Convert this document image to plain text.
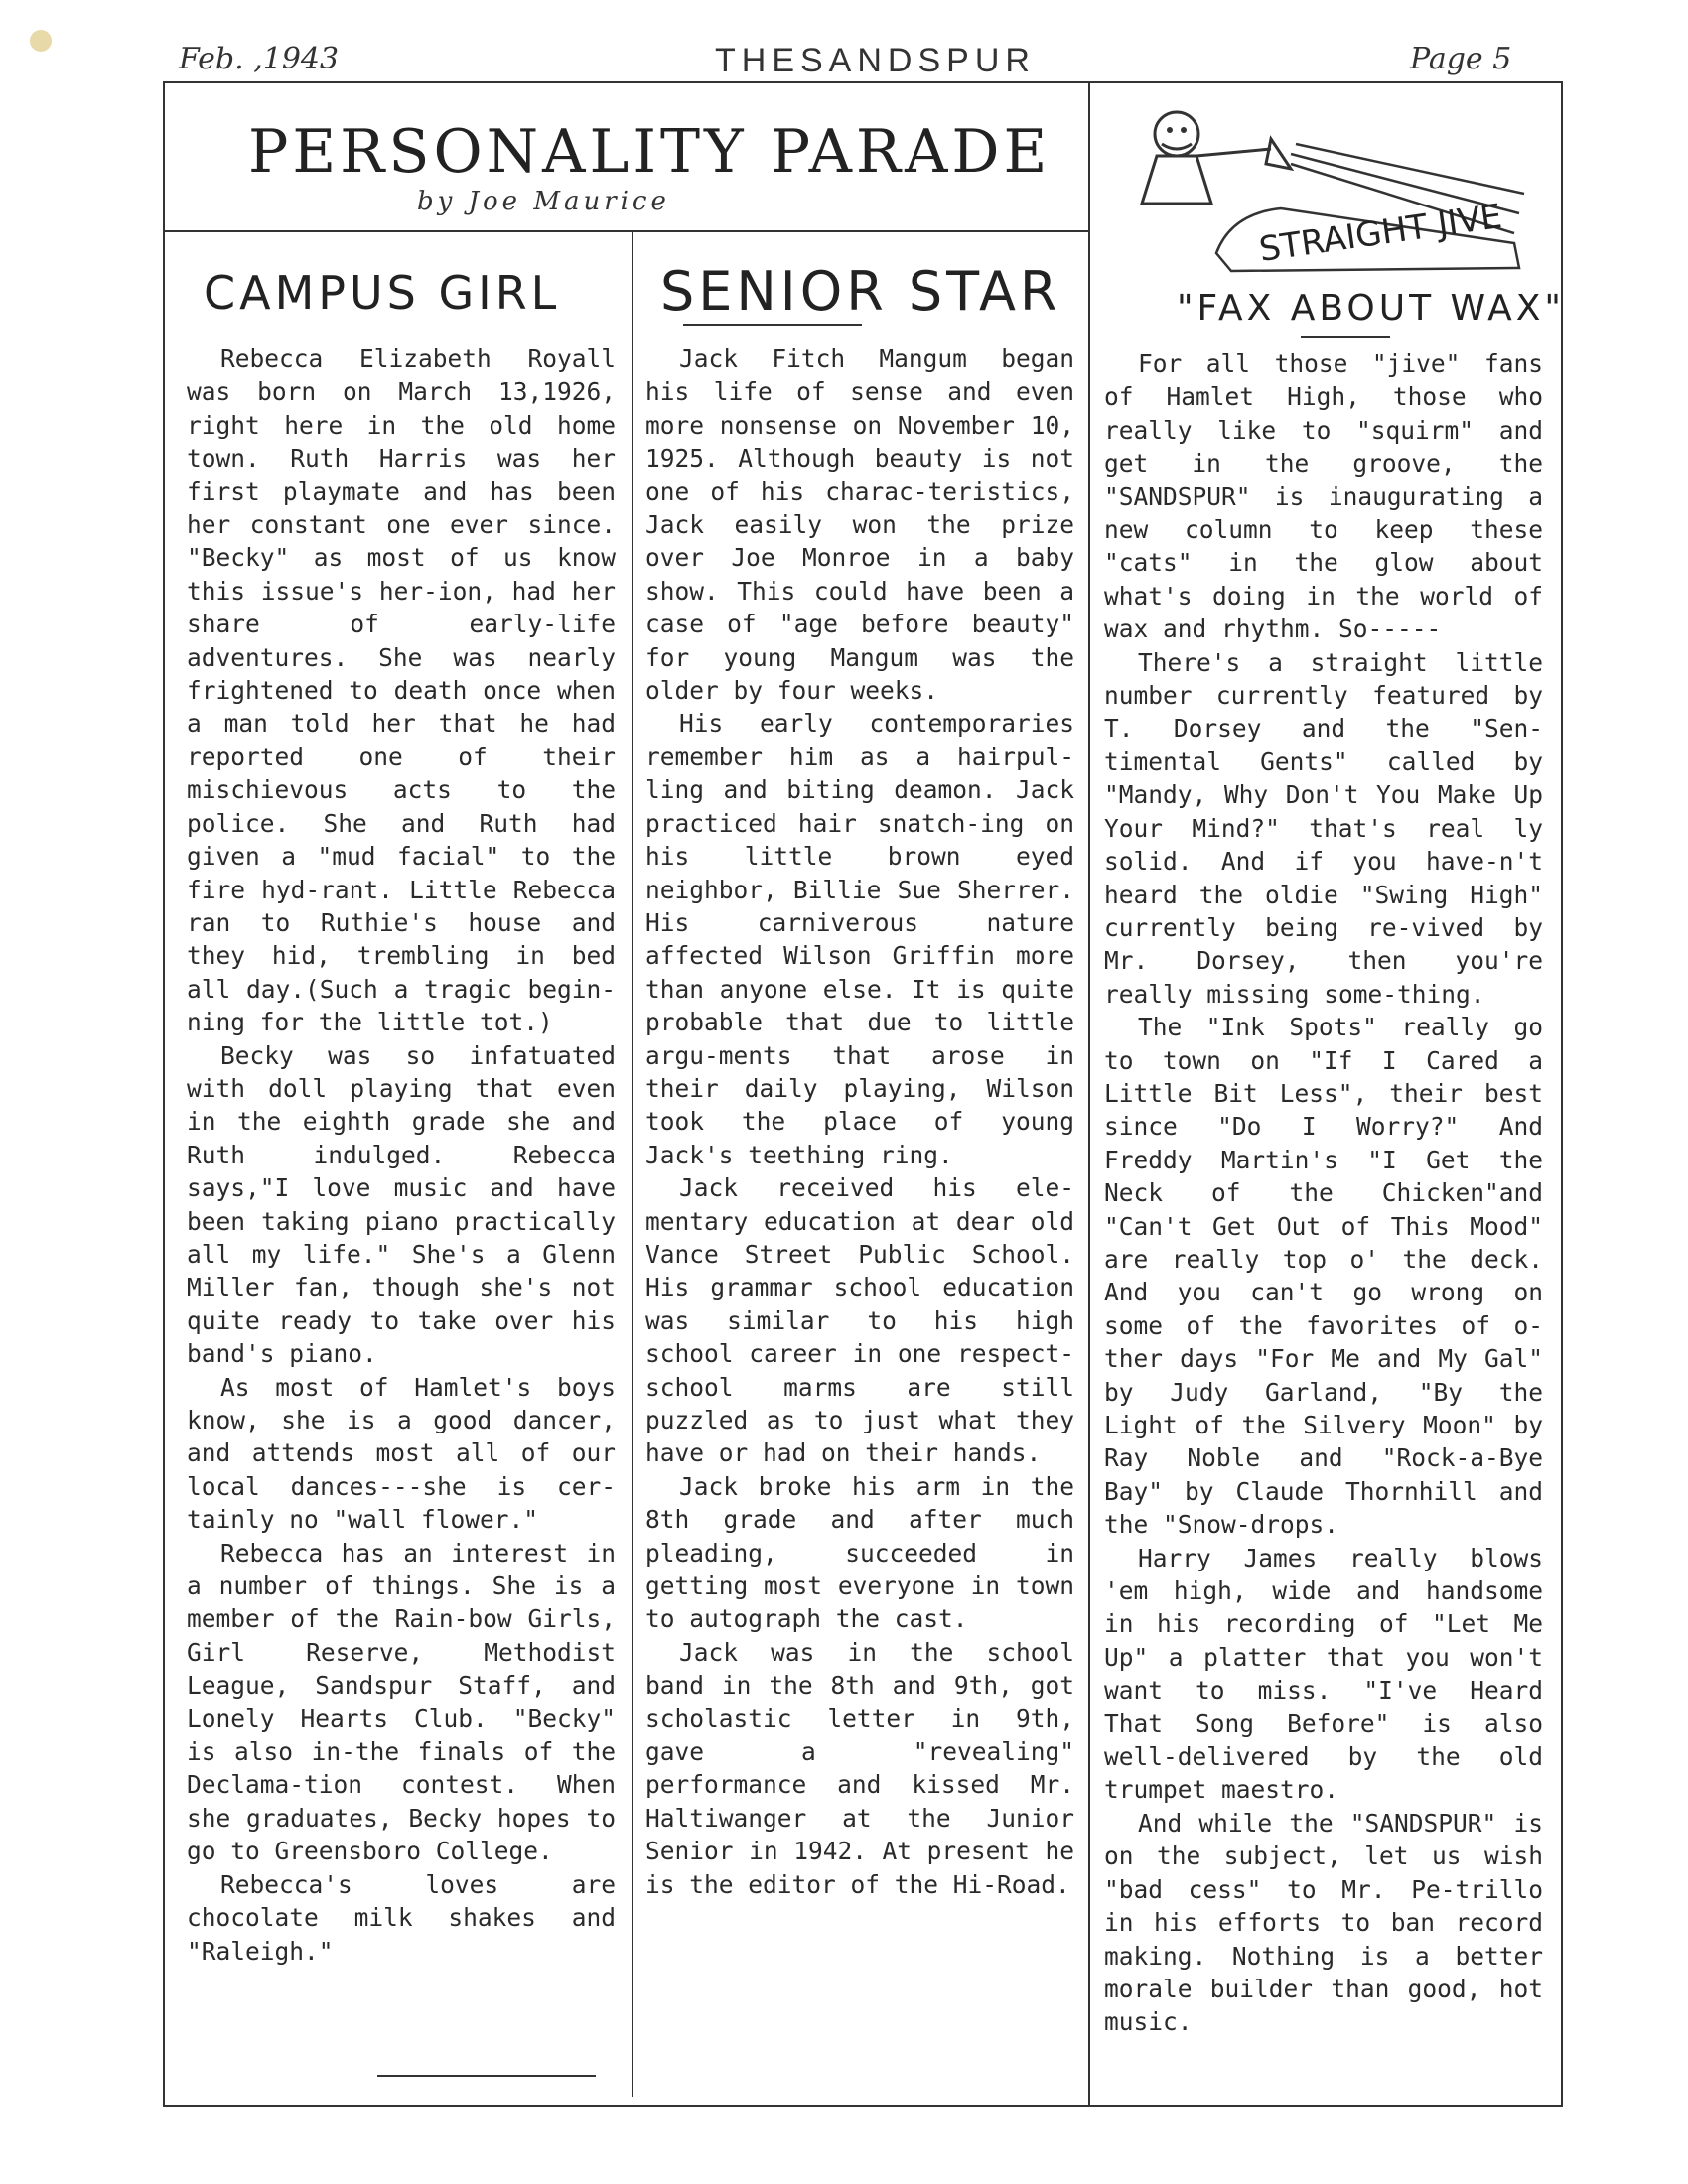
Feb. ,1943	THESANDSPUR	Page 5
PERSONALITY PARADE
by Joe Maurice	STRAIGHT JIVE
CAMPUS GIRL SENIOR STAR	"FAX ABOUT WAX"

Rebecca Elizabeth Royall was born on March 13,1926, right here in the old home town. Ruth Harris was her first playmate and has been her constant one ever since. "Becky" as most of us know this issue's her-ion, had her share of early-life adventures. She was nearly frightened to death once when a man told her that he had reported one of their mischievous acts to the police. She and Ruth had given a "mud facial" to the fire hyd-rant. Little Rebecca ran to Ruthie's house and they hid, trembling in bed all day.(Such a tragic begin-ning for the little tot.)

Becky was so infatuated with doll playing that even in the eighth grade she and Ruth indulged. Rebecca says,"I love music and have been taking piano practically all my life." She's a Glenn Miller fan, though she's not quite ready to take over his band's piano.

As most of Hamlet's boys know, she is a good dancer, and attends most all of our local dances---she is cer-tainly no "wall flower."

Rebecca has an interest in a number of things. She is a member of the Rain-bow Girls, Girl Reserve, Methodist League, Sandspur Staff, and Lonely Hearts Club. "Becky" is also in-the finals of the Declama-tion contest. When she graduates, Becky hopes to go to Greensboro College.

Rebecca's loves are chocolate milk shakes and "Raleigh."

Jack Fitch Mangum began his life of sense and even more nonsense on November 10, 1925. Although beauty is not one of his charac-teristics, Jack easily won the prize over Joe Monroe in a baby show. This could have been a case of "age before beauty" for young Mangum was the older by four weeks.

His early contemporaries remember him as a hairpul-ling and biting deamon. Jack practiced hair snatch-ing on his little brown eyed neighbor, Billie Sue Sherrer. His carniverous nature affected Wilson Griffin more than anyone else. It is quite probable that due to little argu-ments that arose in their daily playing, Wilson took the place of young Jack's teething ring.

Jack received his ele-mentary education at dear old Vance Street Public School. His grammar school education was similar to his high school career in one respect-school marms are still puzzled as to just what they have or had on their hands.

Jack broke his arm in the 8th grade and after much pleading, succeeded in getting most everyone in town to autograph the cast.

Jack was in the school band in the 8th and 9th, got scholastic letter in 9th, gave a "revealing" performance and kissed Mr. Haltiwanger at the Junior Senior in 1942. At present he is the editor of the Hi-Road.

For all those "jive" fans of Hamlet High, those who really like to "squirm" and get in the groove, the "SANDSPUR" is inaugurating a new column to keep these "cats" in the glow about what's doing in the world of wax and rhythm. So-----

There's a straight little number currently featured by T. Dorsey and the "Sen-timental Gents" called by "Mandy, Why Don't You Make Up Your Mind?" that's real ly solid. And if you have-n't heard the oldie "Swing High" currently being re-vived by Mr. Dorsey, then you're really missing some-thing.

The "Ink Spots" really go to town on "If I Cared a Little Bit Less", their best since "Do I Worry?" And Freddy Martin's "I Get the Neck of the Chicken"and "Can't Get Out of This Mood" are really top o' the deck. And you can't go wrong on some of the favorites of o-ther days "For Me and My Gal" by Judy Garland, "By the Light of the Silvery Moon" by Ray Noble and "Rock-a-Bye Bay" by Claude Thornhill and the "Snow-drops.

Harry James really blows 'em high, wide and handsome in his recording of "Let Me Up" a platter that you won't want to miss. "I've Heard That Song Before" is also well-delivered by the old trumpet maestro.

And while the "SANDSPUR" is on the subject, let us wish "bad cess" to Mr. Pe-trillo in his efforts to ban record making. Nothing is a better morale builder than good, hot music.
